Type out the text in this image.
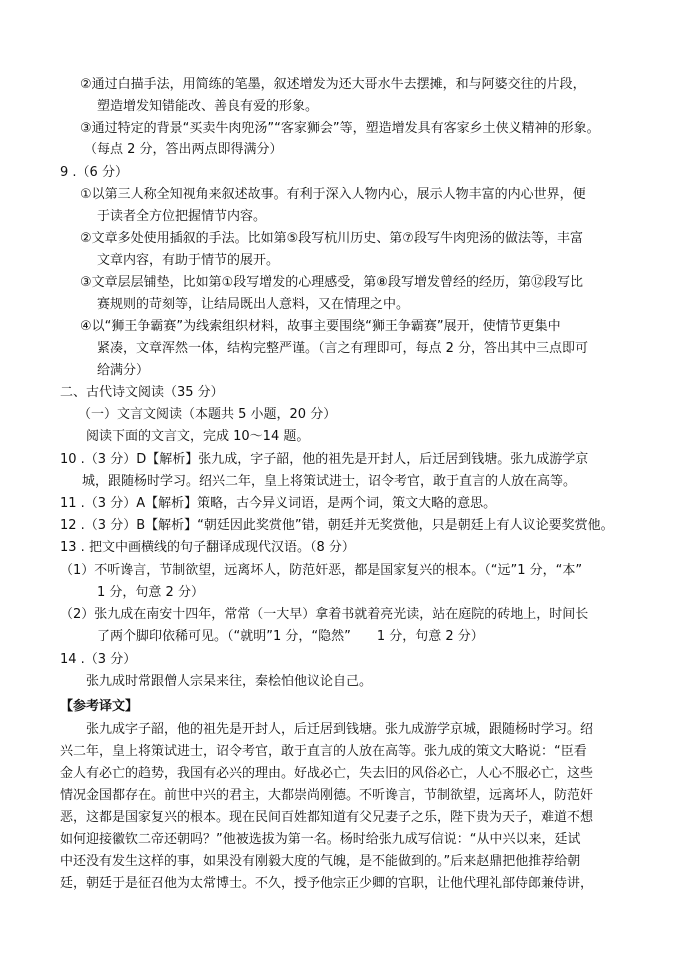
②通过白描手法，用简练的笔墨，叙述增发为还大哥水牛去摆摊，和与阿婆交往的片段，
塑造增发知错能改、善良有爱的形象。
③通过特定的背景“买卖牛肉兜汤”“客家狮会”等，塑造增发具有客家乡土侠义精神的形象。
（每点 2 分，答出两点即得满分）
9 .（6 分）
①以第三人称全知视角来叙述故事。有利于深入人物内心，展示人物丰富的内心世界，便
于读者全方位把握情节内容。
②文章多处使用插叙的手法。比如第⑤段写杭川历史、第⑦段写牛肉兜汤的做法等，丰富
文章内容，有助于情节的展开。
③文章层层铺垫，比如第①段写增发的心理感受，第⑧段写增发曾经的经历，第⑫段写比
赛规则的苛刻等，让结局既出人意料，又在情理之中。
④以“狮王争霸赛”为线索组织材料，故事主要围绕“狮王争霸赛”展开，使情节更集中
紧凑，文章浑然一体，结构完整严谨。（言之有理即可，每点 2 分，答出其中三点即可
给满分）
二、古代诗文阅读（35 分）
（一）文言文阅读（本题共 5 小题，20 分）
阅读下面的文言文，完成 10～14 题。
10 .（3 分）D【解析】张九成，字子韶，他的祖先是开封人，后迁居到钱塘。张九成游学京
城，跟随杨时学习。绍兴二年，皇上将策试进士，诏令考官，敢于直言的人放在高等。
11 .（3 分）A【解析】策略，古今异义词语，是两个词，策文大略的意思。
12 .（3 分）B【解析】“朝廷因此奖赏他”错，朝廷并无奖赏他，只是朝廷上有人议论要奖赏他。
13 . 把文中画横线的句子翻译成现代汉语。（8 分）
（1）不听谗言，节制欲望，远离坏人，防范奸恶，都是国家复兴的根本。（“远”1 分，“本”
1 分，句意 2 分）
（2）张九成在南安十四年，常常（一大早）拿着书就着亮光读，站在庭院的砖地上，时间长
了两个脚印依稀可见。（“就明”1 分，“隐然”　　1 分，句意 2 分）
14 .（3 分）
张九成时常跟僧人宗杲来往，秦桧怕他议论自己。
【参考译文】
张九成字子韶，他的祖先是开封人，后迁居到钱塘。张九成游学京城，跟随杨时学习。绍
兴二年，皇上将策试进士，诏令考官，敢于直言的人放在高等。张九成的策文大略说：“臣看
金人有必亡的趋势，我国有必兴的理由。好战必亡，失去旧的风俗必亡，人心不服必亡，这些
情况金国都存在。前世中兴的君主，大都崇尚刚德。不听谗言，节制欲望，远离坏人，防范奸
恶，这都是国家复兴的根本。现在民间百姓都知道有父兄妻子之乐，陛下贵为天子，难道不想
如何迎接徽钦二帝还朝吗？”他被选拔为第一名。杨时给张九成写信说：“从中兴以来，廷试
中还没有发生这样的事，如果没有刚毅大度的气魄，是不能做到的。”后来赵鼎把他推荐给朝
廷，朝廷于是征召他为太常博士。不久，授予他宗正少卿的官职，让他代理礼部侍郎兼侍讲，
